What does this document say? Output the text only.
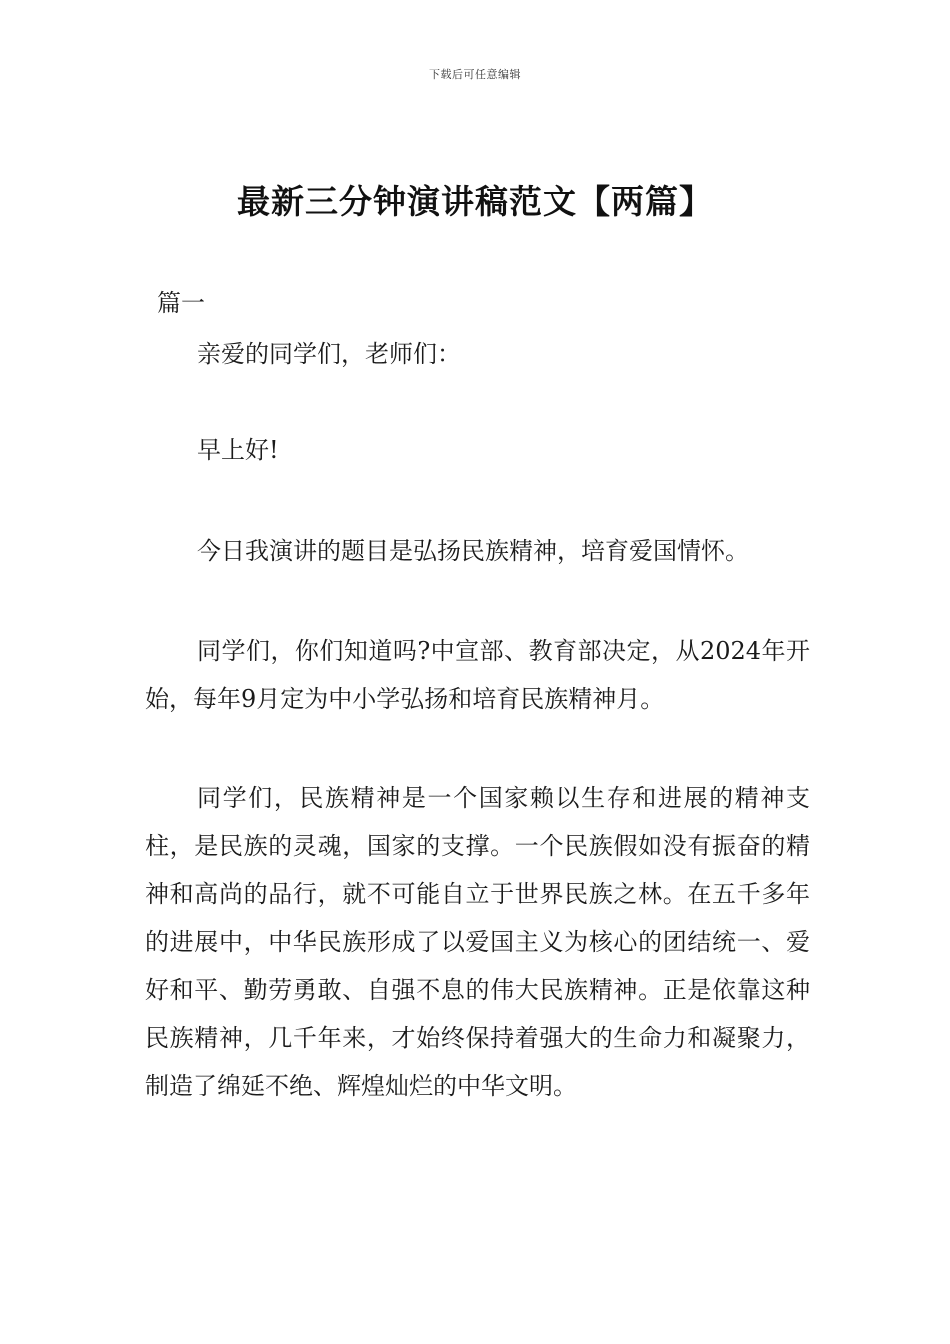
下载后可任意编辑
最新三分钟演讲稿范文【两篇】
篇一

亲爱的同学们，老师们：

早上好!

今日我演讲的题目是弘扬民族精神，培育爱国情怀。

同学们，你们知道吗?中宣部、教育部决定，从2024年开始，每年9月定为中小学弘扬和培育民族精神月。

同学们，民族精神是一个国家赖以生存和进展的精神支柱，是民族的灵魂，国家的支撑。一个民族假如没有振奋的精神和高尚的品行，就不可能自立于世界民族之林。在五千多年的进展中，中华民族形成了以爱国主义为核心的团结统一、爱好和平、勤劳勇敢、自强不息的伟大民族精神。正是依靠这种民族精神，几千年来，才始终保持着强大的生命力和凝聚力，制造了绵延不绝、辉煌灿烂的中华文明。
